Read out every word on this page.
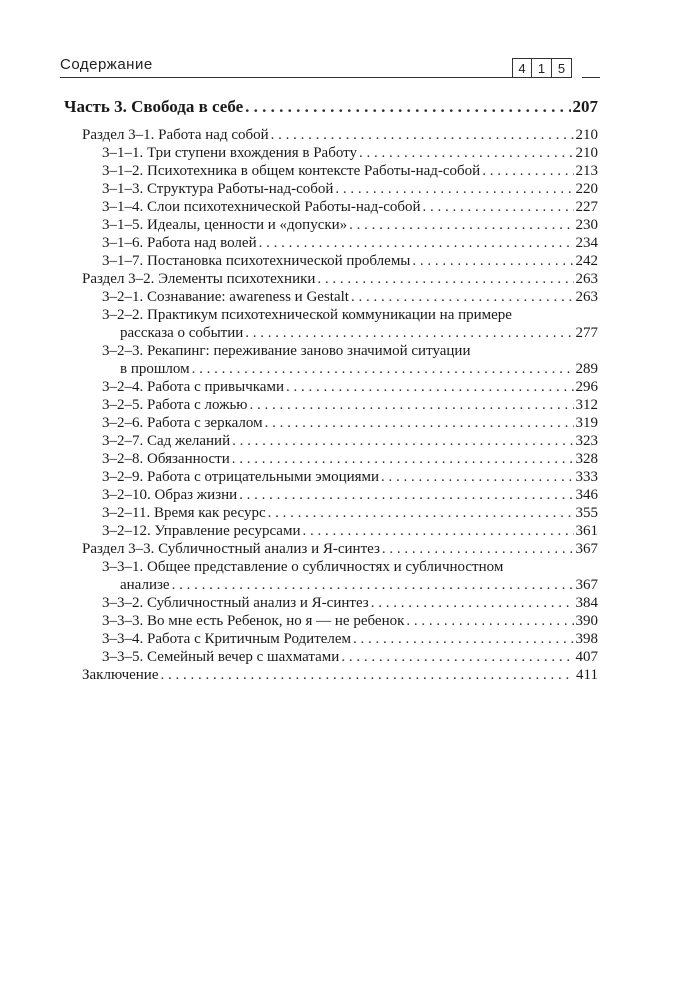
Содержание	4 1 5
Часть 3. Свобода в себе . . .	207
Раздел 3–1. Работа над собой . . .	210
3–1–1. Три ступени вхождения в Работу . . .	210
3–1–2. Психотехника в общем контексте Работы-над-собой . . .	213
3–1–3. Структура Работы-над-собой . . .	220
3–1–4. Слои психотехнической Работы-над-собой . . .	227
3–1–5. Идеалы, ценности и «допуски» . . .	230
3–1–6. Работа над волей . . .	234
3–1–7. Постановка психотехнической проблемы . . .	242
Раздел 3–2. Элементы психотехники . . .	263
3–2–1. Сознавание: awareness и Gestalt . . .	263
3–2–2. Практикум психотехнической коммуникации на примере
рассказа о событии . . .	277
3–2–3. Рекапинг: переживание заново значимой ситуации
в прошлом . . .	289
3–2–4. Работа с привычками . . .	296
3–2–5. Работа с ложью . . .	312
3–2–6. Работа с зеркалом . . .	319
3–2–7. Сад желаний . . .	323
3–2–8. Обязанности . . .	328
3–2–9. Работа с отрицательными эмоциями . . .	333
3–2–10. Образ жизни . . .	346
3–2–11. Время как ресурс . . .	355
3–2–12. Управление ресурсами . . .	361
Раздел 3–3. Субличностный анализ и Я-синтез . . .	367
3–3–1. Общее представление о субличностях и субличностном
анализе . . .	367
3–3–2. Субличностный анализ и Я-синтез . . .	384
3–3–3. Во мне есть Ребенок, но я — не ребенок . . .	390
3–3–4. Работа с Критичным Родителем . . .	398
3–3–5. Семейный вечер с шахматами . . .	407
Заключение . . .	411
